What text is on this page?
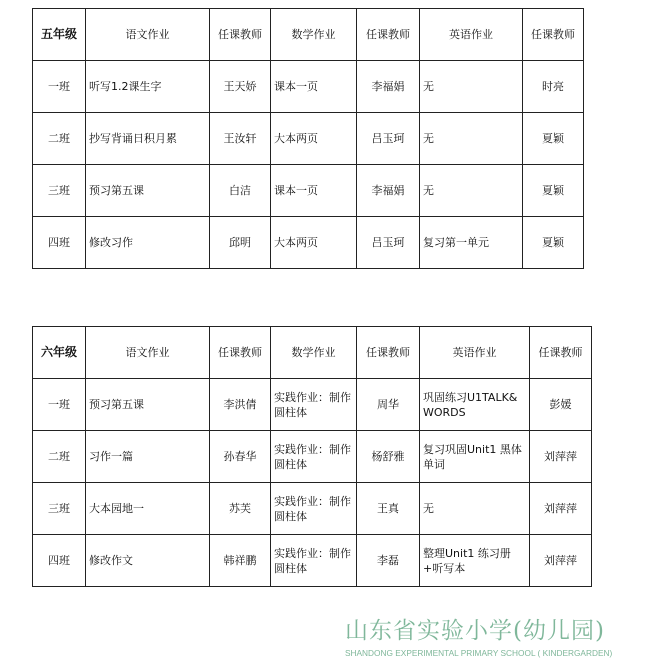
五年级	语文作业	任课教师	数学作业	任课教师	英语作业	任课教师
一班	听写1.2课生字	王天娇	课本一页	李福娟	无	时亮
二班	抄写背诵日积月累	王汝轩	大本两页	吕玉珂	无	夏颖
三班	预习第五课	白洁	课本一页	李福娟	无	夏颖
四班	修改习作	邱明	大本两页	吕玉珂	复习第一单元	夏颖
六年级	语文作业	任课教师	数学作业	任课教师	英语作业	任课教师
一班	预习第五课	李洪倩	实践作业：制作圆柱体	周华	巩固练习U1TALK&WORDS	彭媛
二班	习作一篇	孙春华	实践作业：制作圆柱体	杨舒雅	复习巩固Unit1 黑体单词	刘萍萍
三班	大本园地一	苏芙	实践作业：制作圆柱体	王真	无	刘萍萍
四班	修改作文	韩祥鹏	实践作业：制作圆柱体	李磊	整理Unit1 练习册+听写本	刘萍萍
山东省实验小学(幼儿园)
SHANDONG EXPERIMENTAL PRIMARY SCHOOL ( KINDERGARDEN)
